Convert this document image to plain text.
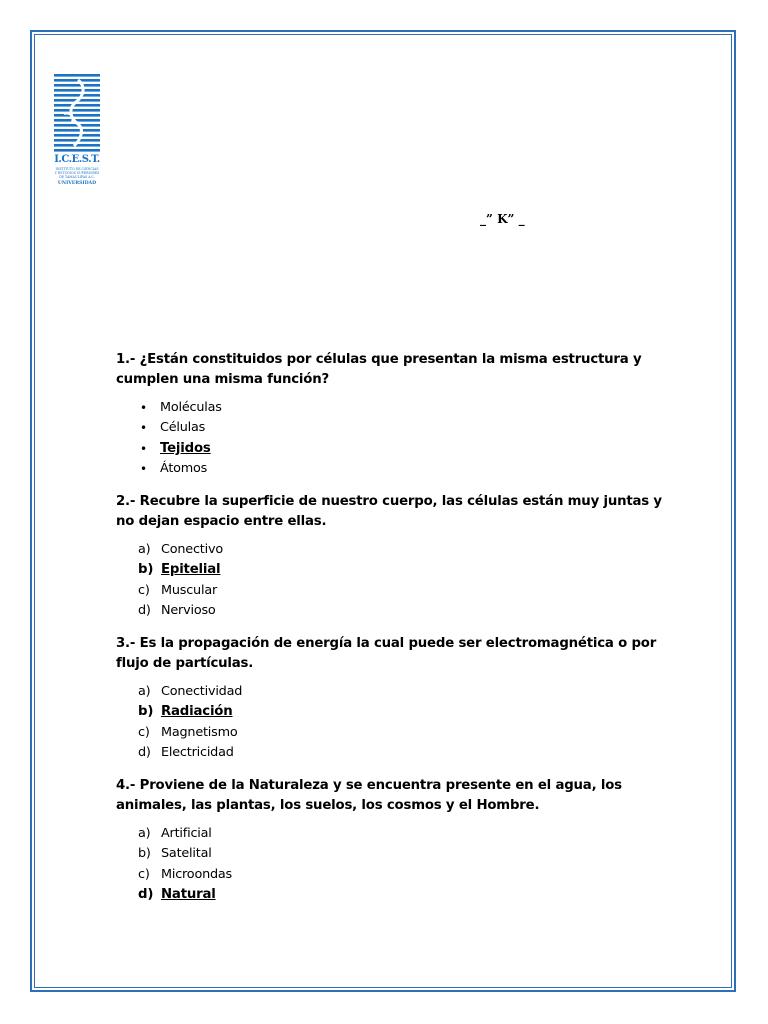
I.C.E.S.T.
INSTITUTO DE CIENCIAS
Y ESTUDIOS SUPERIORES
DE TAMAULIPAS A.C.
UNIVERSIDAD
_” K” _

1.- ¿Están constituidos por células que presentan la misma estructura y cumplen una misma función?

• Moléculas
• Células
• Tejidos
• Átomos

2.- Recubre la superficie de nuestro cuerpo, las células están muy juntas y no dejan espacio entre ellas.

a) Conectivo
b) Epitelial
c) Muscular
d) Nervioso

3.- Es la propagación de energía la cual puede ser electromagnética o por flujo de partículas.

a) Conectividad
b) Radiación
c) Magnetismo
d) Electricidad

4.- Proviene de la Naturaleza y se encuentra presente en el agua, los animales, las plantas, los suelos, los cosmos y el Hombre.

a) Artificial
b) Satelital
c) Microondas
d) Natural
